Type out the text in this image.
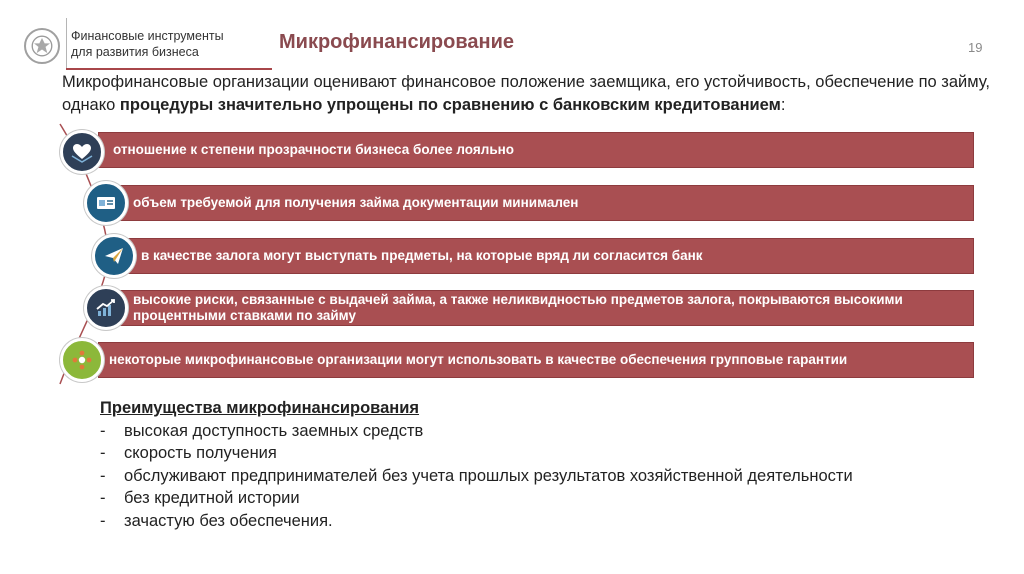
Финансовые инструменты
для развития бизнеса	Микрофинансирование	19
Микрофинансовые организации оценивают финансовое положение заемщика, его устойчивость, обеспечение по займу, однако процедуры значительно упрощены по сравнению с банковским кредитованием:
отношение к степени прозрачности бизнеса более лояльно
объем требуемой для получения займа документации минимален
в качестве залога могут выступать предметы, на которые вряд ли согласится банк
высокие риски, связанные с выдачей займа, а также неликвидностью предметов залога, покрываются высокими процентными ставками по займу
некоторые микрофинансовые организации могут использовать в качестве обеспечения групповые гарантии
Преимущества микрофинансирования
-	высокая доступность заемных средств
-	скорость получения
-	обслуживают предпринимателей без учета прошлых результатов хозяйственной деятельности
-	без кредитной истории
-	зачастую без обеспечения.
